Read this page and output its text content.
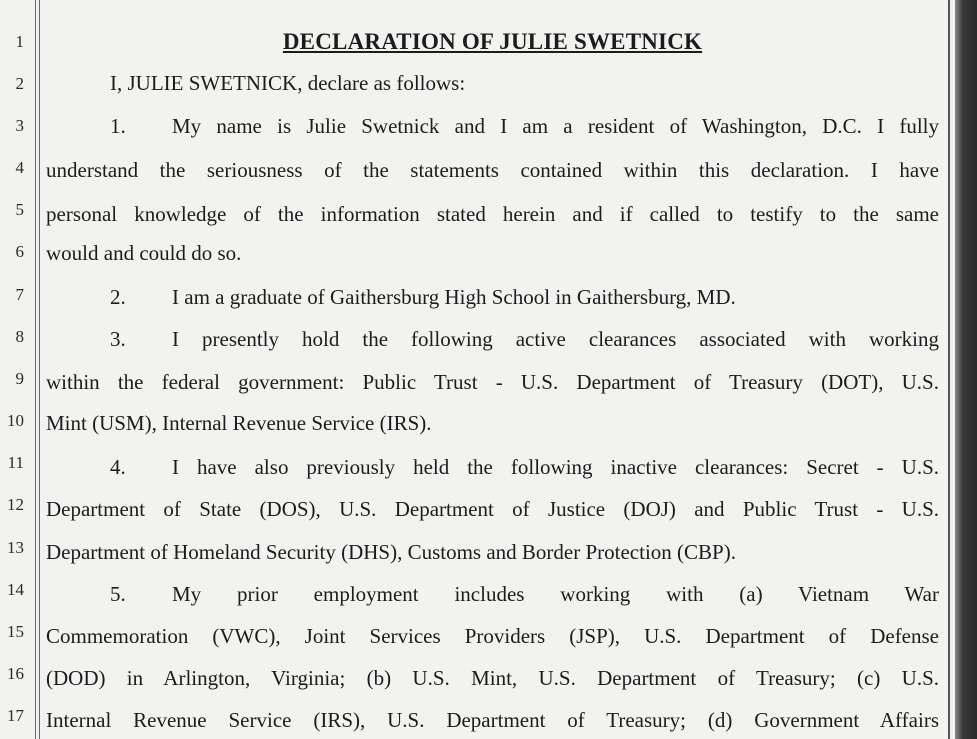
1
2
3
4
5
6
7
8
9
10
11
12
13
14
15
16
17
DECLARATION OF JULIE SWETNICK
I, JULIE SWETNICK, declare as follows:
1. My name is Julie Swetnick and I am a resident of Washington, D.C. I fully
understand the seriousness of the statements contained within this declaration. I have
personal knowledge of the information stated herein and if called to testify to the same
would and could do so.
2. I am a graduate of Gaithersburg High School in Gaithersburg, MD.
3. I presently hold the following active clearances associated with working
within the federal government: Public Trust - U.S. Department of Treasury (DOT), U.S.
Mint (USM), Internal Revenue Service (IRS).
4. I have also previously held the following inactive clearances: Secret - U.S.
Department of State (DOS), U.S. Department of Justice (DOJ) and Public Trust - U.S.
Department of Homeland Security (DHS), Customs and Border Protection (CBP).
5. My prior employment includes working with (a) Vietnam War
Commemoration (VWC), Joint Services Providers (JSP), U.S. Department of Defense
(DOD) in Arlington, Virginia; (b) U.S. Mint, U.S. Department of Treasury; (c) U.S.
Internal Revenue Service (IRS), U.S. Department of Treasury; (d) Government Affairs
